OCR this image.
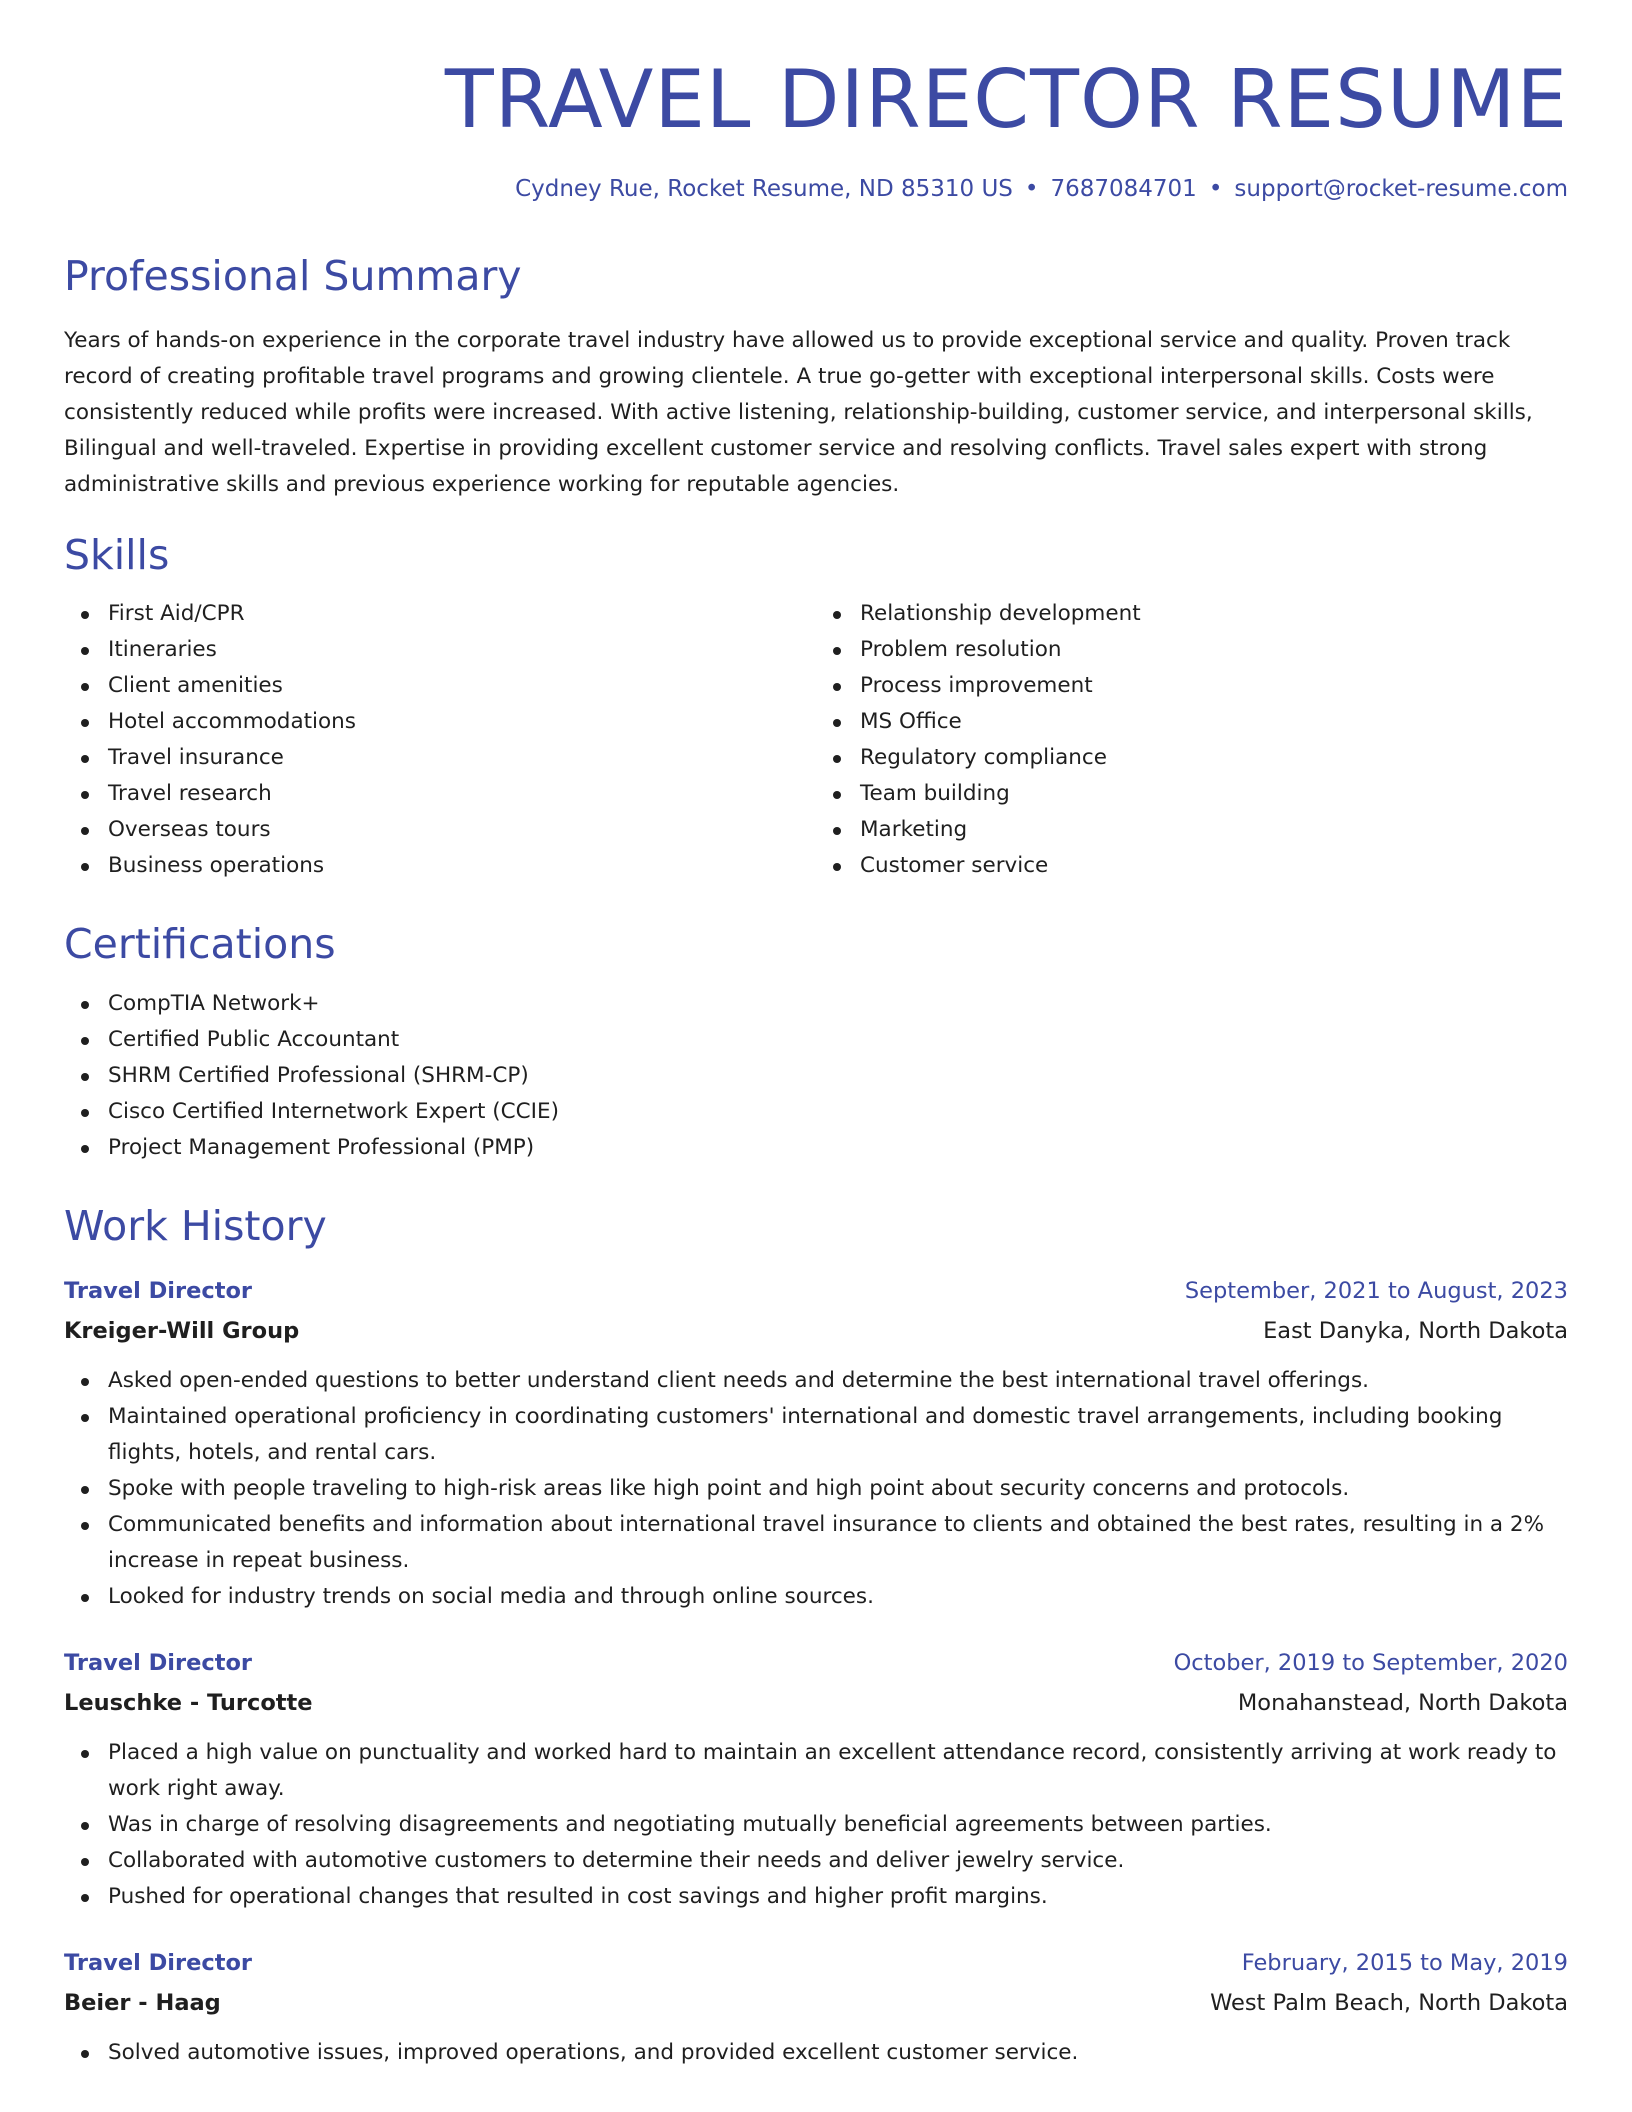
TRAVEL DIRECTOR RESUME
Cydney Rue, Rocket Resume, ND 85310 US • 7687084701 • support@rocket-resume.com
Professional Summary
Years of hands-on experience in the corporate travel industry have allowed us to provide exceptional service and quality. Proven track record of creating profitable travel programs and growing clientele. A true go-getter with exceptional interpersonal skills. Costs were consistently reduced while profits were increased. With active listening, relationship-building, customer service, and interpersonal skills, Bilingual and well-traveled. Expertise in providing excellent customer service and resolving conflicts. Travel sales expert with strong administrative skills and previous experience working for reputable agencies.
Skills
First Aid/CPR
Itineraries
Client amenities
Hotel accommodations
Travel insurance
Travel research
Overseas tours
Business operations
Relationship development
Problem resolution
Process improvement
MS Office
Regulatory compliance
Team building
Marketing
Customer service
Certifications
CompTIA Network+
Certified Public Accountant
SHRM Certified Professional (SHRM-CP)
Cisco Certified Internetwork Expert (CCIE)
Project Management Professional (PMP)
Work History
Travel Director	September, 2021 to August, 2023
Kreiger-Will Group	East Danyka, North Dakota
Asked open-ended questions to better understand client needs and determine the best international travel offerings.
Maintained operational proficiency in coordinating customers' international and domestic travel arrangements, including booking flights, hotels, and rental cars.
Spoke with people traveling to high-risk areas like high point and high point about security concerns and protocols.
Communicated benefits and information about international travel insurance to clients and obtained the best rates, resulting in a 2% increase in repeat business.
Looked for industry trends on social media and through online sources.
Travel Director	October, 2019 to September, 2020
Leuschke - Turcotte	Monahanstead, North Dakota
Placed a high value on punctuality and worked hard to maintain an excellent attendance record, consistently arriving at work ready to work right away.
Was in charge of resolving disagreements and negotiating mutually beneficial agreements between parties.
Collaborated with automotive customers to determine their needs and deliver jewelry service.
Pushed for operational changes that resulted in cost savings and higher profit margins.
Travel Director	February, 2015 to May, 2019
Beier - Haag	West Palm Beach, North Dakota
Solved automotive issues, improved operations, and provided excellent customer service.
